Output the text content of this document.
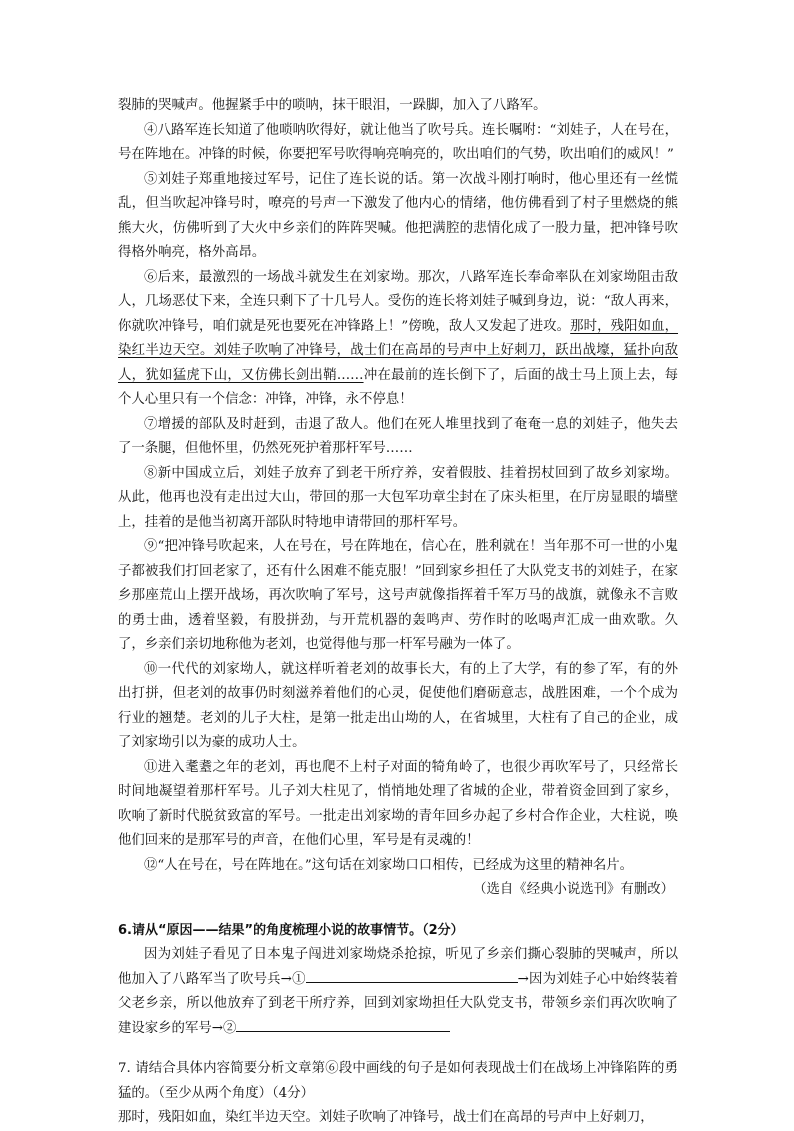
裂肺的哭喊声。他握紧手中的唢呐，抹干眼泪，一跺脚，加入了八路军。

④八路军连长知道了他唢呐吹得好，就让他当了吹号兵。连长嘱咐：“刘娃子，人在号在，号在阵地在。冲锋的时候，你要把军号吹得响亮响亮的，吹出咱们的气势，吹出咱们的威风！”

⑤刘娃子郑重地接过军号，记住了连长说的话。第一次战斗刚打响时，他心里还有一丝慌乱，但当吹起冲锋号时，嘹亮的号声一下激发了他内心的情绪，他仿佛看到了村子里燃烧的熊熊大火，仿佛听到了大火中乡亲们的阵阵哭喊。他把满腔的悲情化成了一股力量，把冲锋号吹得格外响亮，格外高昂。

⑥后来，最激烈的一场战斗就发生在刘家坳。那次，八路军连长奉命率队在刘家坳阻击敌人，几场恶仗下来，全连只剩下了十几号人。受伤的连长将刘娃子喊到身边，说：“敌人再来，你就吹冲锋号，咱们就是死也要死在冲锋路上！”傍晚，敌人又发起了进攻。那时，残阳如血，染红半边天空。刘娃子吹响了冲锋号，战士们在高昂的号声中上好刺刀，跃出战壕，猛扑向敌人，犹如猛虎下山，又仿佛长剑出鞘……冲在最前的连长倒下了，后面的战士马上顶上去，每个人心里只有一个信念：冲锋，冲锋，永不停息！

⑦增援的部队及时赶到，击退了敌人。他们在死人堆里找到了奄奄一息的刘娃子，他失去了一条腿，但他怀里，仍然死死护着那杆军号……

⑧新中国成立后，刘娃子放弃了到老干所疗养，安着假肢、挂着拐杖回到了故乡刘家坳。从此，他再也没有走出过大山，带回的那一大包军功章尘封在了床头柜里，在厅房显眼的墙壁上，挂着的是他当初离开部队时特地申请带回的那杆军号。

⑨“把冲锋号吹起来，人在号在，号在阵地在，信心在，胜利就在！当年那不可一世的小鬼子都被我们打回老家了，还有什么困难不能克服！”回到家乡担任了大队党支书的刘娃子，在家乡那座荒山上摆开战场，再次吹响了军号，这号声就像指挥着千军万马的战旗，就像永不言败的勇士曲，透着坚毅，有股拼劲，与开荒机器的轰鸣声、劳作时的吆喝声汇成一曲欢歌。久了，乡亲们亲切地称他为老刘，也觉得他与那一杆军号融为一体了。

⑩一代代的刘家坳人，就这样听着老刘的故事长大，有的上了大学，有的参了军，有的外出打拼，但老刘的故事仍时刻滋养着他们的心灵，促使他们磨砺意志，战胜困难，一个个成为行业的翘楚。老刘的儿子大柱，是第一批走出山坳的人，在省城里，大柱有了自己的企业，成了刘家坳引以为豪的成功人士。

⑪进入耄耋之年的老刘，再也爬不上村子对面的犄角岭了，也很少再吹军号了，只经常长时间地凝望着那杆军号。儿子刘大柱见了，悄悄地处理了省城的企业，带着资金回到了家乡，吹响了新时代脱贫致富的军号。一批走出刘家坳的青年回乡办起了乡村合作企业，大柱说，唤他们回来的是那军号的声音，在他们心里，军号是有灵魂的！

⑫“人在号在，号在阵地在。”这句话在刘家坳口口相传，已经成为这里的精神名片。

（选自《经典小说选刊》有删改）

6.请从“原因——结果”的角度梳理小说的故事情节。（2分）

因为刘娃子看见了日本鬼子闯进刘家坳烧杀抢掠，听见了乡亲们撕心裂肺的哭喊声，所以他加入了八路军当了吹号兵→①	→因为刘娃子心中始终装着父老乡亲，所以他放弃了到老干所疗养，回到刘家坳担任大队党支书，带领乡亲们再次吹响了建设家乡的军号→②

7. 请结合具体内容简要分析文章第⑥段中画线的句子是如何表现战士们在战场上冲锋陷阵的勇猛的。（至少从两个角度）（4分）

那时，残阳如血，染红半边天空。刘娃子吹响了冲锋号，战士们在高昂的号声中上好刺刀，
